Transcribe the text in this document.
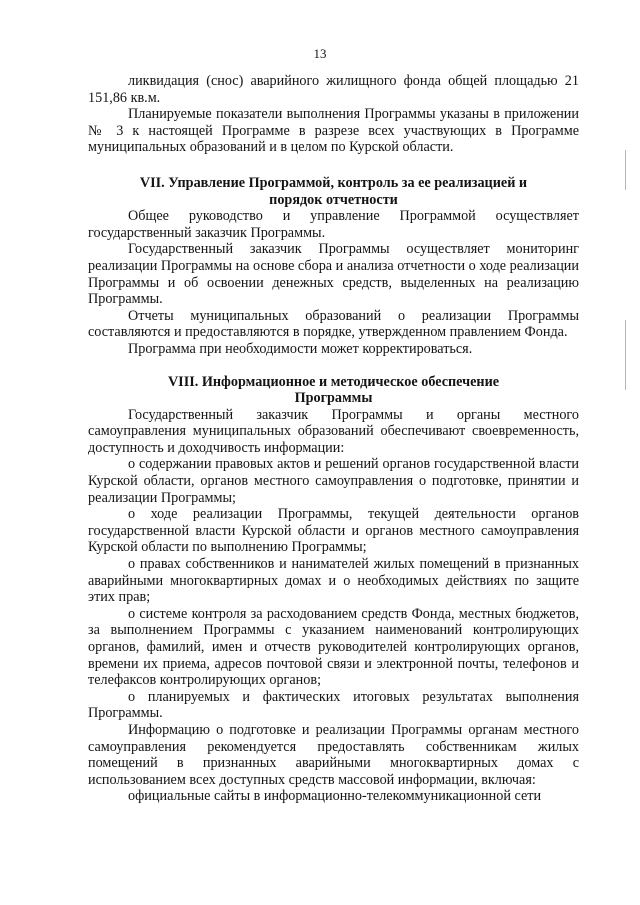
13

ликвидация (снос) аварийного жилищного фонда общей площадью 21 151,86 кв.м.

Планируемые показатели выполнения Программы указаны в приложении № 3 к настоящей Программе в разрезе всех участвующих в Программе муниципальных образований и в целом по Курской области.

VII. Управление Программой, контроль за ее реализацией и
порядок отчетности

Общее руководство и управление Программой осуществляет государственный заказчик Программы.

Государственный заказчик Программы осуществляет мониторинг реализации Программы на основе сбора и анализа отчетности о ходе реализации Программы и об освоении денежных средств, выделенных на реализацию Программы.

Отчеты муниципальных образований о реализации Программы составляются и предоставляются в порядке, утвержденном правлением Фонда.

Программа при необходимости может корректироваться.

VIII. Информационное и методическое обеспечение
Программы

Государственный заказчик Программы и органы местного самоуправления муниципальных образований обеспечивают своевременность, доступность и доходчивость информации:

о содержании правовых актов и решений органов государственной власти Курской области, органов местного самоуправления о подготовке, принятии и реализации Программы;

о ходе реализации Программы, текущей деятельности органов государственной власти Курской области и органов местного самоуправления Курской области по выполнению Программы;

о правах собственников и нанимателей жилых помещений в признанных аварийными многоквартирных домах и о необходимых действиях по защите этих прав;

о системе контроля за расходованием средств Фонда, местных бюджетов, за выполнением Программы с указанием наименований контролирующих органов, фамилий, имен и отчеств руководителей контролирующих органов, времени их приема, адресов почтовой связи и электронной почты, телефонов и телефаксов контролирующих органов;

о планируемых и фактических итоговых результатах выполнения Программы.

Информацию о подготовке и реализации Программы органам местного самоуправления рекомендуется предоставлять собственникам жилых помещений в признанных аварийными многоквартирных домах с использованием всех доступных средств массовой информации, включая:

официальные сайты в информационно-телекоммуникационной сети
